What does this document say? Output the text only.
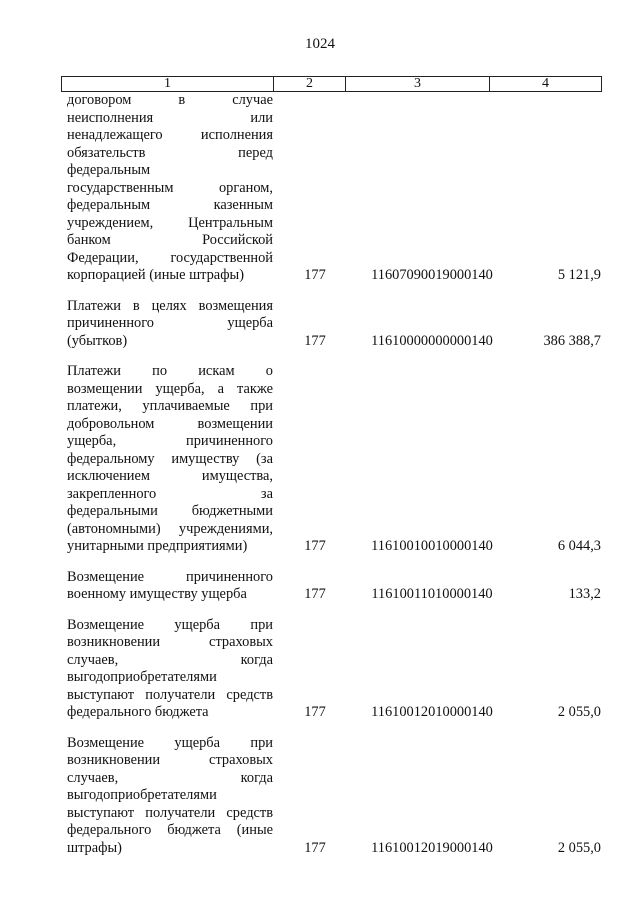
1024
1	2	3	4
договором в случае
неисполнения или
ненадлежащего исполнения
обязательств перед
федеральным
государственным органом,
федеральным казенным
учреждением, Центральным
банком Российской
Федерации, государственной
корпорацией (иные штрафы)	177	11607090019000140	5 121,9
Платежи в целях возмещения
причиненного ущерба
(убытков)	177	11610000000000140	386 388,7
Платежи по искам о
возмещении ущерба, а также
платежи, уплачиваемые при
добровольном возмещении
ущерба, причиненного
федеральному имуществу (за
исключением имущества,
закрепленного за
федеральными бюджетными
(автономными) учреждениями,
унитарными предприятиями)	177	11610010010000140	6 044,3
Возмещение причиненного
военному имуществу ущерба	177	11610011010000140	133,2
Возмещение ущерба при
возникновении страховых
случаев, когда
выгодоприобретателями
выступают получатели средств
федерального бюджета	177	11610012010000140	2 055,0
Возмещение ущерба при
возникновении страховых
случаев, когда
выгодоприобретателями
выступают получатели средств
федерального бюджета (иные
штрафы)	177	11610012019000140	2 055,0
